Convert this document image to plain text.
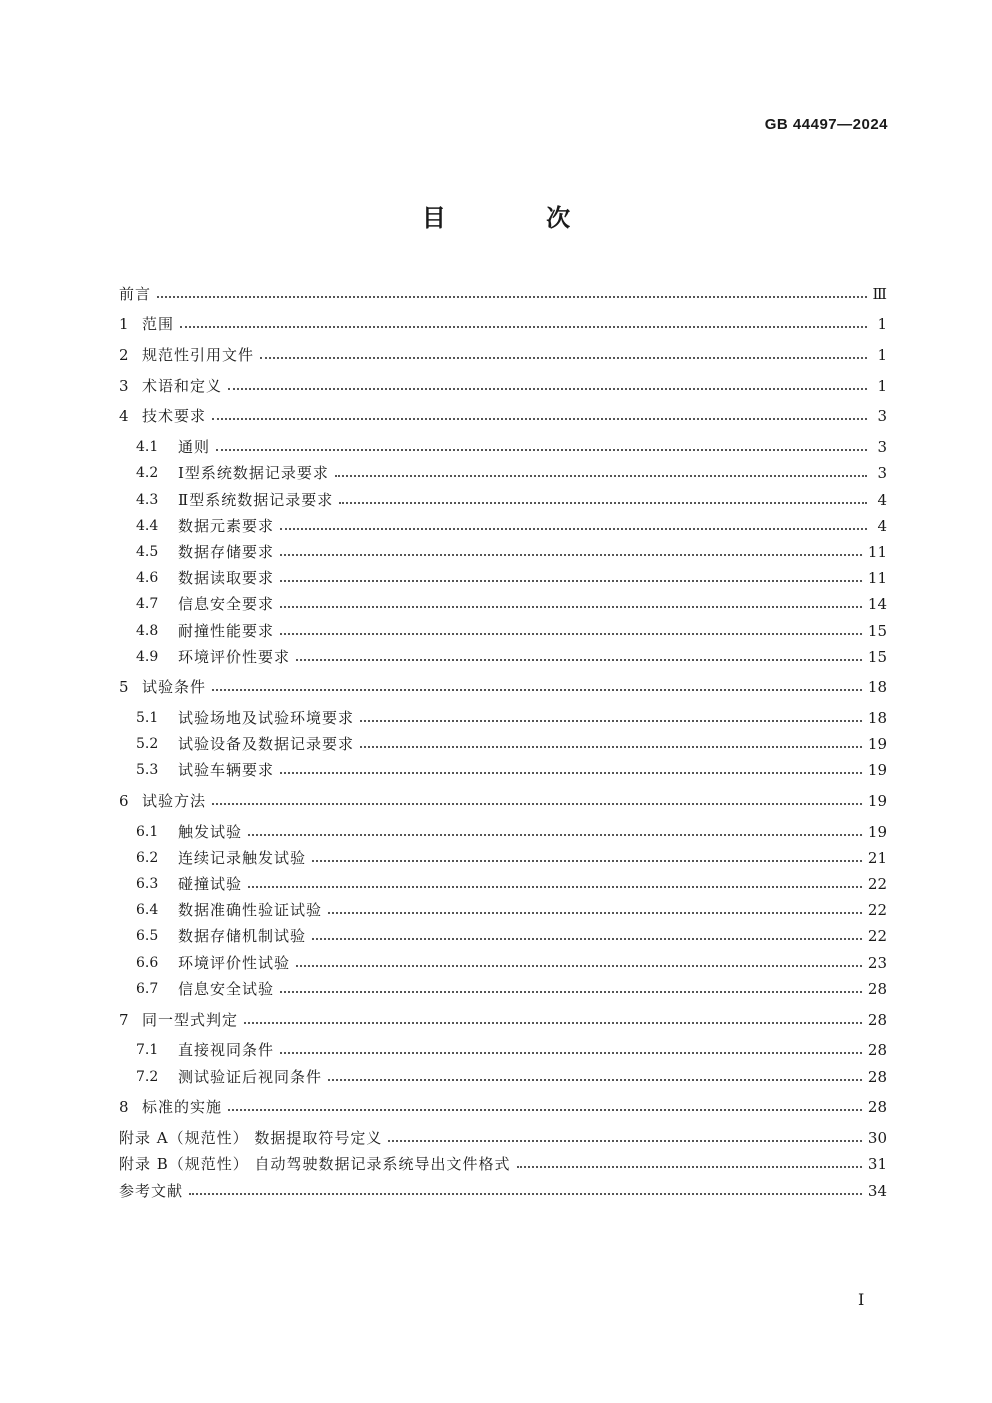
GB 44497—2024
目 次
前言	Ⅲ
1 范围	1
2 规范性引用文件	1
3 术语和定义	1
4 技术要求	3
4.1	通则	3
4.2	Ⅰ型系统数据记录要求	3
4.3	Ⅱ型系统数据记录要求	4
4.4	数据元素要求	4
4.5	数据存储要求	11
4.6	数据读取要求	11
4.7	信息安全要求	14
4.8	耐撞性能要求	15
4.9	环境评价性要求	15
5 试验条件	18
5.1	试验场地及试验环境要求	18
5.2	试验设备及数据记录要求	19
5.3	试验车辆要求	19
6 试验方法	19
6.1	触发试验	19
6.2	连续记录触发试验	21
6.3	碰撞试验	22
6.4	数据准确性验证试验	22
6.5	数据存储机制试验	22
6.6	环境评价性试验	23
6.7	信息安全试验	28
7 同一型式判定	28
7.1	直接视同条件	28
7.2	测试验证后视同条件	28
8 标准的实施	28
附录 A（规范性） 数据提取符号定义	30
附录 B（规范性） 自动驾驶数据记录系统导出文件格式	31
参考文献	34
I
